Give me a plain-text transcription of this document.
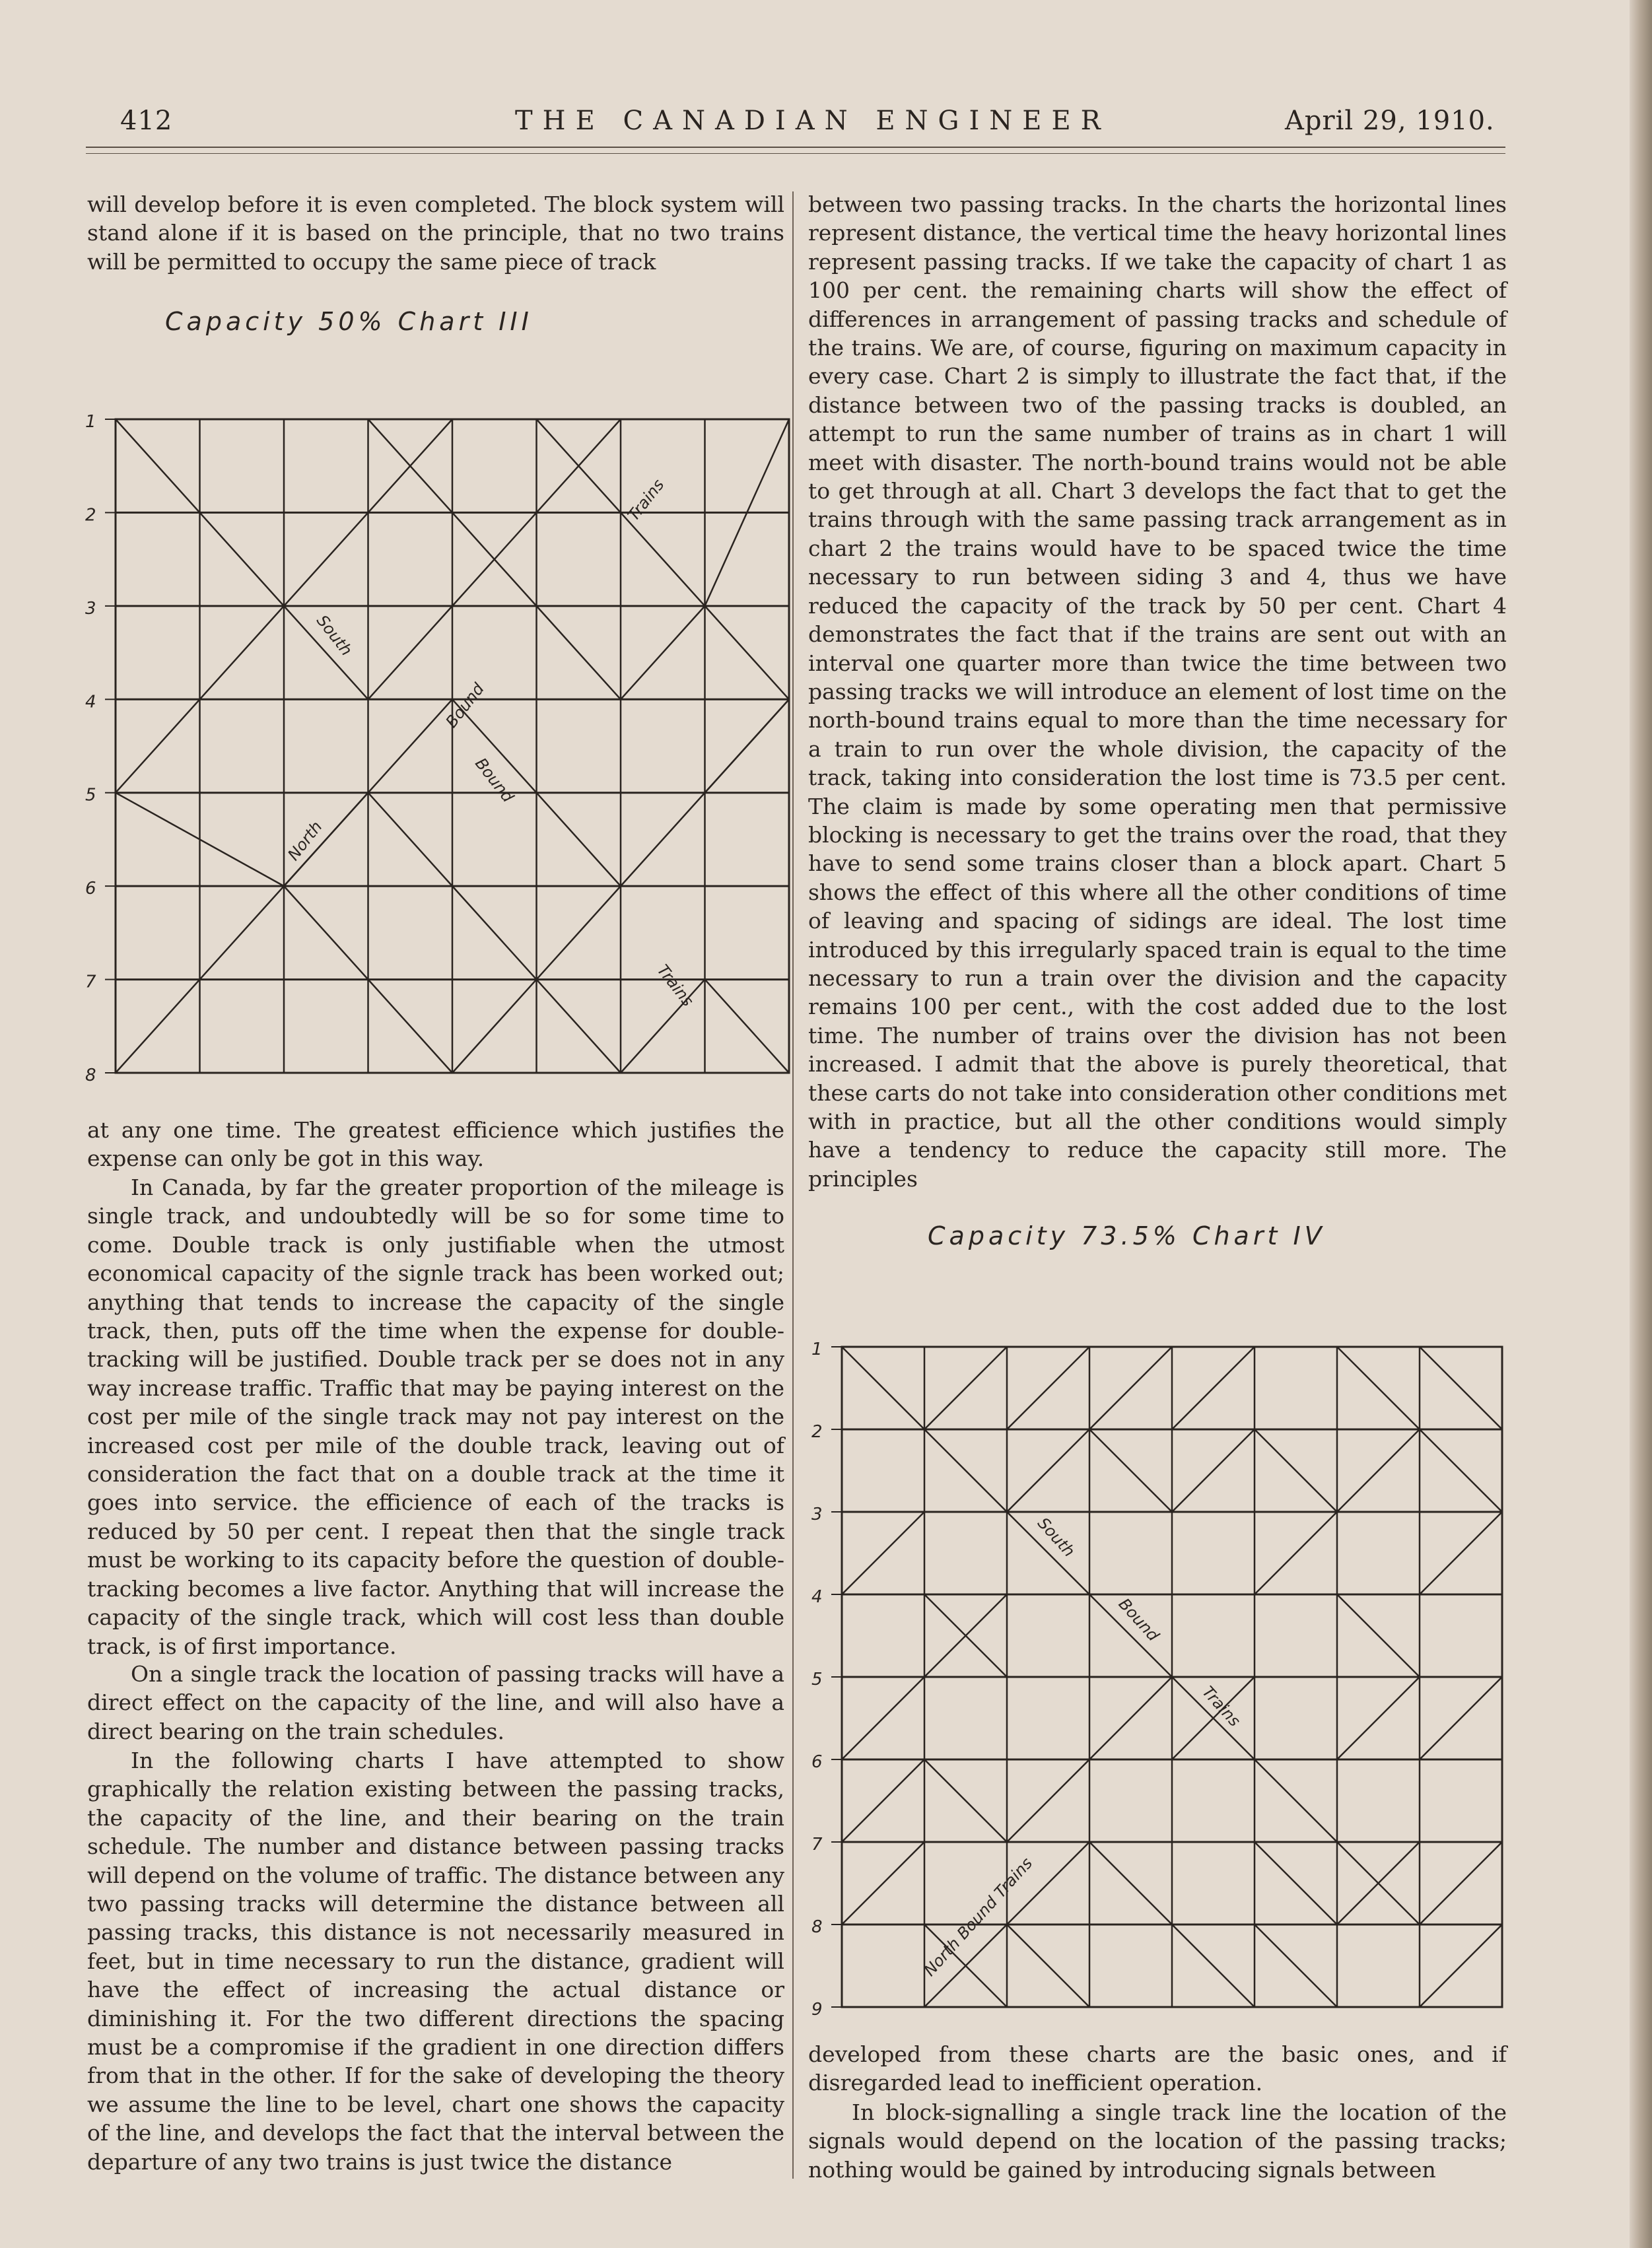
412	THE CANADIAN ENGINEER	April 29, 1910.

will develop before it is even completed. The block system will stand alone if it is based on the principle, that no two trains will be permitted to occupy the same piece of track

Capacity 50% Chart III
1
2
3
4
5
6
7
8
South
Bound
Trains
North
Bound
Trains

at any one time. The greatest efficience which justifies the expense can only be got in this way.

In Canada, by far the greater proportion of the mileage is single track, and undoubtedly will be so for some time to come. Double track is only justifiable when the utmost economical capacity of the signle track has been worked out; anything that tends to increase the capacity of the single track, then, puts off the time when the expense for double-tracking will be justified. Double track per se does not in any way increase traffic. Traffic that may be paying interest on the cost per mile of the single track may not pay interest on the increased cost per mile of the double track, leaving out of consideration the fact that on a double track at the time it goes into service. the efficience of each of the tracks is reduced by 50 per cent. I repeat then that the single track must be working to its capacity before the question of double-tracking becomes a live factor. Anything that will increase the capacity of the single track, which will cost less than double track, is of first importance.

On a single track the location of passing tracks will have a direct effect on the capacity of the line, and will also have a direct bearing on the train schedules.

In the following charts I have attempted to show graphically the relation existing between the passing tracks, the capacity of the line, and their bearing on the train schedule. The number and distance between passing tracks will depend on the volume of traffic. The distance between any two passing tracks will determine the distance between all passing tracks, this distance is not necessarily measured in feet, but in time necessary to run the distance, gradient will have the effect of increasing the actual distance or diminishing it. For the two different directions the spacing must be a compromise if the gradient in one direction differs from that in the other. If for the sake of developing the theory we assume the line to be level, chart one shows the capacity of the line, and develops the fact that the interval between the departure of any two trains is just twice the distance

between two passing tracks. In the charts the horizontal lines represent distance, the vertical time the heavy horizontal lines represent passing tracks. If we take the capacity of chart 1 as 100 per cent. the remaining charts will show the effect of differences in arrangement of passing tracks and schedule of the trains. We are, of course, figuring on maximum capacity in every case. Chart 2 is simply to illustrate the fact that, if the distance between two of the passing tracks is doubled, an attempt to run the same number of trains as in chart 1 will meet with disaster. The north-bound trains would not be able to get through at all. Chart 3 develops the fact that to get the trains through with the same passing track arrangement as in chart 2 the trains would have to be spaced twice the time necessary to run between siding 3 and 4, thus we have reduced the capacity of the track by 50 per cent. Chart 4 demonstrates the fact that if the trains are sent out with an interval one quarter more than twice the time between two passing tracks we will introduce an element of lost time on the north-bound trains equal to more than the time necessary for a train to run over the whole division, the capacity of the track, taking into consideration the lost time is 73.5 per cent. The claim is made by some operating men that permissive blocking is necessary to get the trains over the road, that they have to send some trains closer than a block apart. Chart 5 shows the effect of this where all the other conditions of time of leaving and spacing of sidings are ideal. The lost time introduced by this irregularly spaced train is equal to the time necessary to run a train over the division and the capacity remains 100 per cent., with the cost added due to the lost time. The number of trains over the division has not been increased. I admit that the above is purely theoretical, that these carts do not take into consideration other conditions met with in practice, but all the other conditions would simply have a tendency to reduce the capacity still more. The principles

Capacity 73.5% Chart IV
1
2
3
4
5
6
7
8
9
South
Bound
Trains
North Bound Trains

developed from these charts are the basic ones, and if disregarded lead to inefficient operation.

In block-signalling a single track line the location of the signals would depend on the location of the passing tracks; nothing would be gained by introducing signals between
